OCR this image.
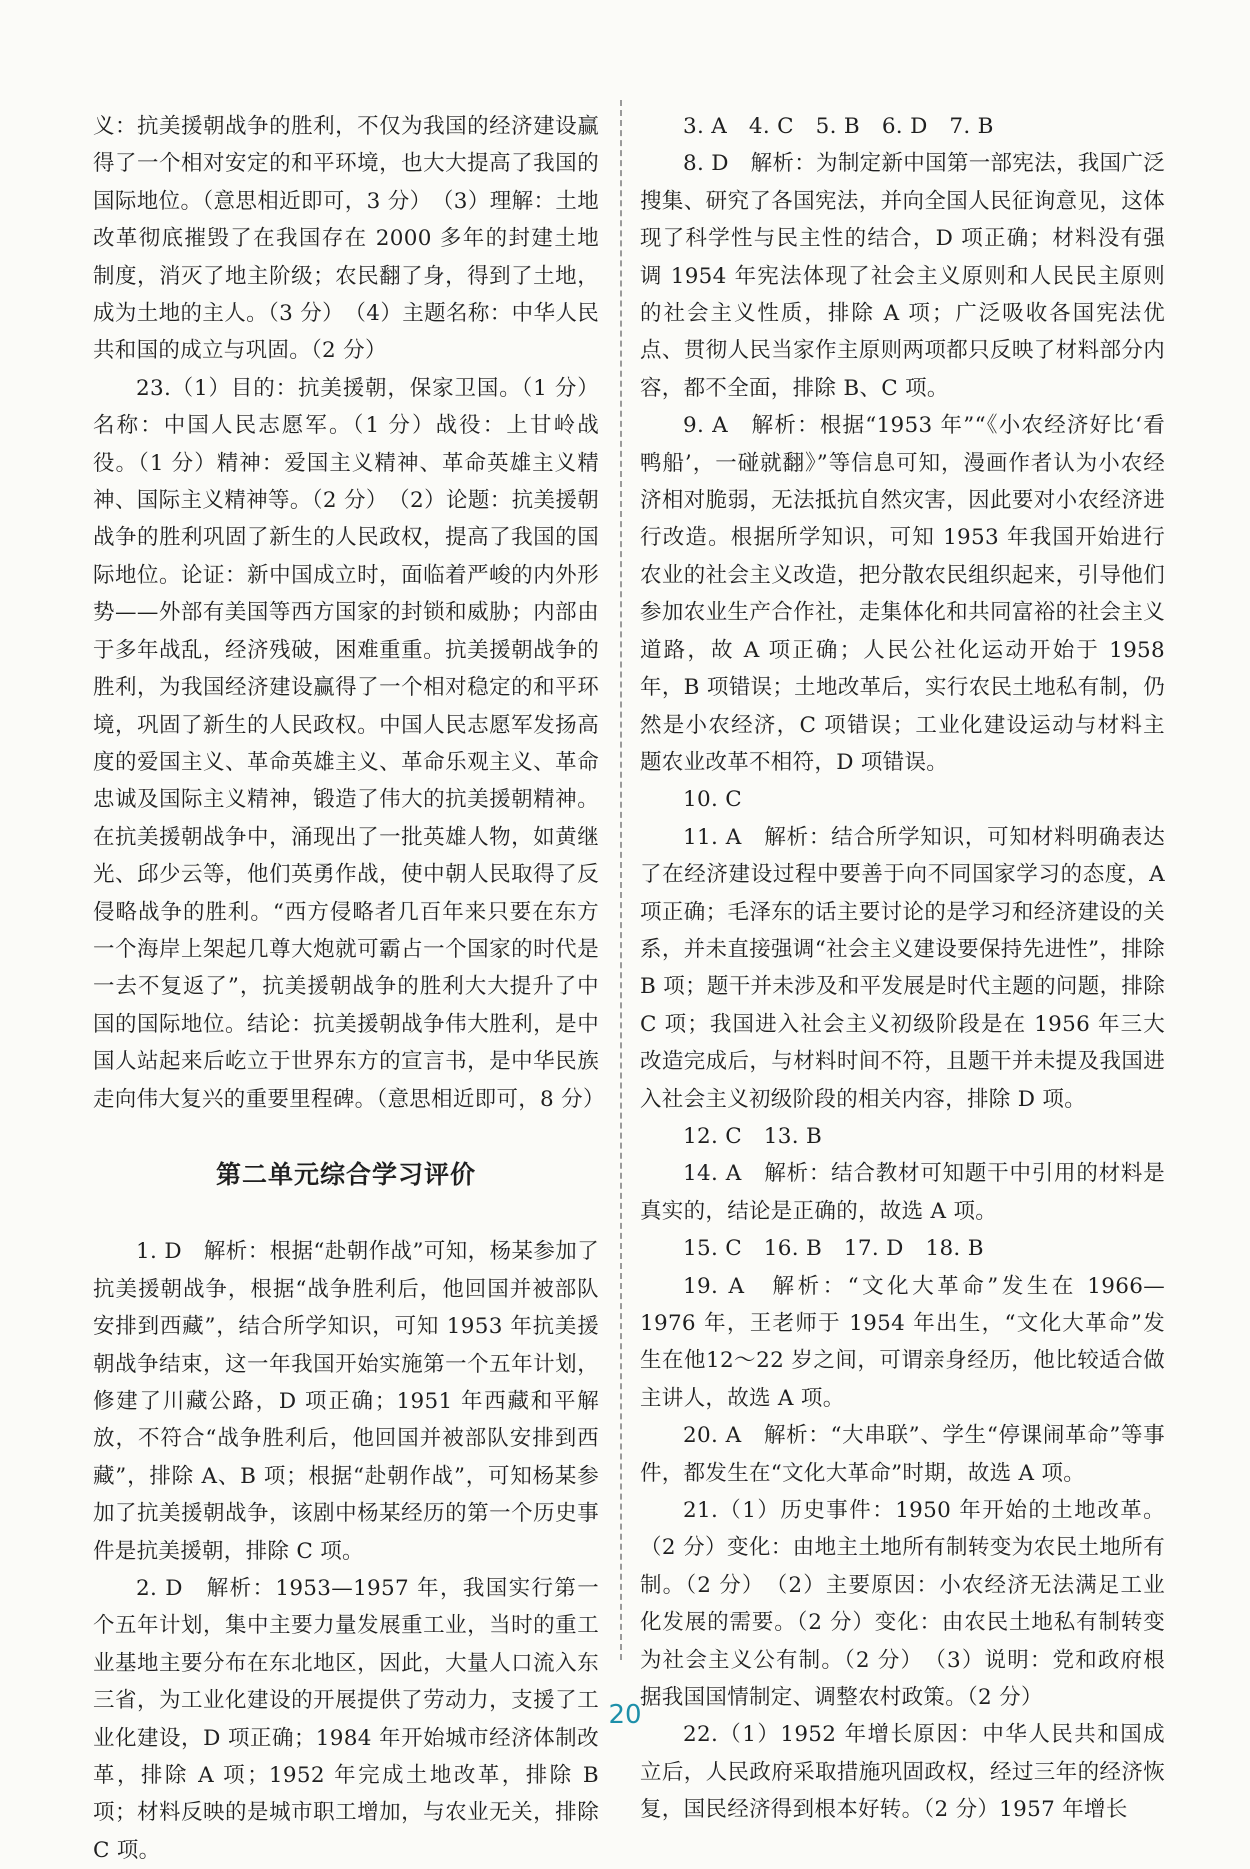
义：抗美援朝战争的胜利，不仅为我国的经济建设赢得了一个相对安定的和平环境，也大大提高了我国的国际地位。（意思相近即可，3 分）　（3）理解：土地改革彻底摧毁了在我国存在 2000 多年的封建土地制度，消灭了地主阶级；农民翻了身，得到了土地，成为土地的主人。（3 分）　（4）主题名称：中华人民共和国的成立与巩固。（2 分）

23.（1）目的：抗美援朝，保家卫国。（1 分）名称：中国人民志愿军。（1 分）战役：上甘岭战役。（1 分）精神：爱国主义精神、革命英雄主义精神、国际主义精神等。（2 分）　（2）论题：抗美援朝战争的胜利巩固了新生的人民政权，提高了我国的国际地位。论证：新中国成立时，面临着严峻的内外形势——外部有美国等西方国家的封锁和威胁；内部由于多年战乱，经济残破，困难重重。抗美援朝战争的胜利，为我国经济建设赢得了一个相对稳定的和平环境，巩固了新生的人民政权。中国人民志愿军发扬高度的爱国主义、革命英雄主义、革命乐观主义、革命忠诚及国际主义精神，锻造了伟大的抗美援朝精神。在抗美援朝战争中，涌现出了一批英雄人物，如黄继光、邱少云等，他们英勇作战，使中朝人民取得了反侵略战争的胜利。“西方侵略者几百年来只要在东方一个海岸上架起几尊大炮就可霸占一个国家的时代是一去不复返了”，抗美援朝战争的胜利大大提升了中国的国际地位。结论：抗美援朝战争伟大胜利，是中国人站起来后屹立于世界东方的宣言书，是中华民族走向伟大复兴的重要里程碑。（意思相近即可，8 分）

第二单元综合学习评价

1. D　解析：根据“赴朝作战”可知，杨某参加了抗美援朝战争，根据“战争胜利后，他回国并被部队安排到西藏”，结合所学知识，可知 1953 年抗美援朝战争结束，这一年我国开始实施第一个五年计划，修建了川藏公路，D 项正确；1951 年西藏和平解放，不符合“战争胜利后，他回国并被部队安排到西藏”，排除 A、B 项；根据“赴朝作战”，可知杨某参加了抗美援朝战争，该剧中杨某经历的第一个历史事件是抗美援朝，排除 C 项。

2. D　解析：1953—1957 年，我国实行第一个五年计划，集中主要力量发展重工业，当时的重工业基地主要分布在东北地区，因此，大量人口流入东三省，为工业化建设的开展提供了劳动力，支援了工业化建设，D 项正确；1984 年开始城市经济体制改革，排除 A 项；1952 年完成土地改革，排除 B 项；材料反映的是城市职工增加，与农业无关，排除 C 项。

3. A　4. C　5. B　6. D　7. B

8. D　解析：为制定新中国第一部宪法，我国广泛搜集、研究了各国宪法，并向全国人民征询意见，这体现了科学性与民主性的结合，D 项正确；材料没有强调 1954 年宪法体现了社会主义原则和人民民主原则的社会主义性质，排除 A 项；广泛吸收各国宪法优点、贯彻人民当家作主原则两项都只反映了材料部分内容，都不全面，排除 B、C 项。

9. A　解析：根据“1953 年”“《小农经济好比‘看鸭船’，一碰就翻》”等信息可知，漫画作者认为小农经济相对脆弱，无法抵抗自然灾害，因此要对小农经济进行改造。根据所学知识，可知 1953 年我国开始进行农业的社会主义改造，把分散农民组织起来，引导他们参加农业生产合作社，走集体化和共同富裕的社会主义道路，故 A 项正确；人民公社化运动开始于 1958 年，B 项错误；土地改革后，实行农民土地私有制，仍然是小农经济，C 项错误；工业化建设运动与材料主题农业改革不相符，D 项错误。

10. C

11. A　解析：结合所学知识，可知材料明确表达了在经济建设过程中要善于向不同国家学习的态度，A 项正确；毛泽东的话主要讨论的是学习和经济建设的关系，并未直接强调“社会主义建设要保持先进性”，排除 B 项；题干并未涉及和平发展是时代主题的问题，排除 C 项；我国进入社会主义初级阶段是在 1956 年三大改造完成后，与材料时间不符，且题干并未提及我国进入社会主义初级阶段的相关内容，排除 D 项。

12. C　13. B

14. A　解析：结合教材可知题干中引用的材料是真实的，结论是正确的，故选 A 项。

15. C　16. B　17. D　18. B

19. A　解析：“文化大革命”发生在 1966—1976 年，王老师于 1954 年出生，“文化大革命”发生在他12～22 岁之间，可谓亲身经历，他比较适合做主讲人，故选 A 项。

20. A　解析：“大串联”、学生“停课闹革命”等事件，都发生在“文化大革命”时期，故选 A 项。

21.（1）历史事件：1950 年开始的土地改革。（2 分）变化：由地主土地所有制转变为农民土地所有制。（2 分）　（2）主要原因：小农经济无法满足工业化发展的需要。（2 分）变化：由农民土地私有制转变为社会主义公有制。（2 分）　（3）说明：党和政府根据我国国情制定、调整农村政策。（2 分）

22.（1）1952 年增长原因：中华人民共和国成立后，人民政府采取措施巩固政权，经过三年的经济恢复，国民经济得到根本好转。（2 分）1957 年增长

20
